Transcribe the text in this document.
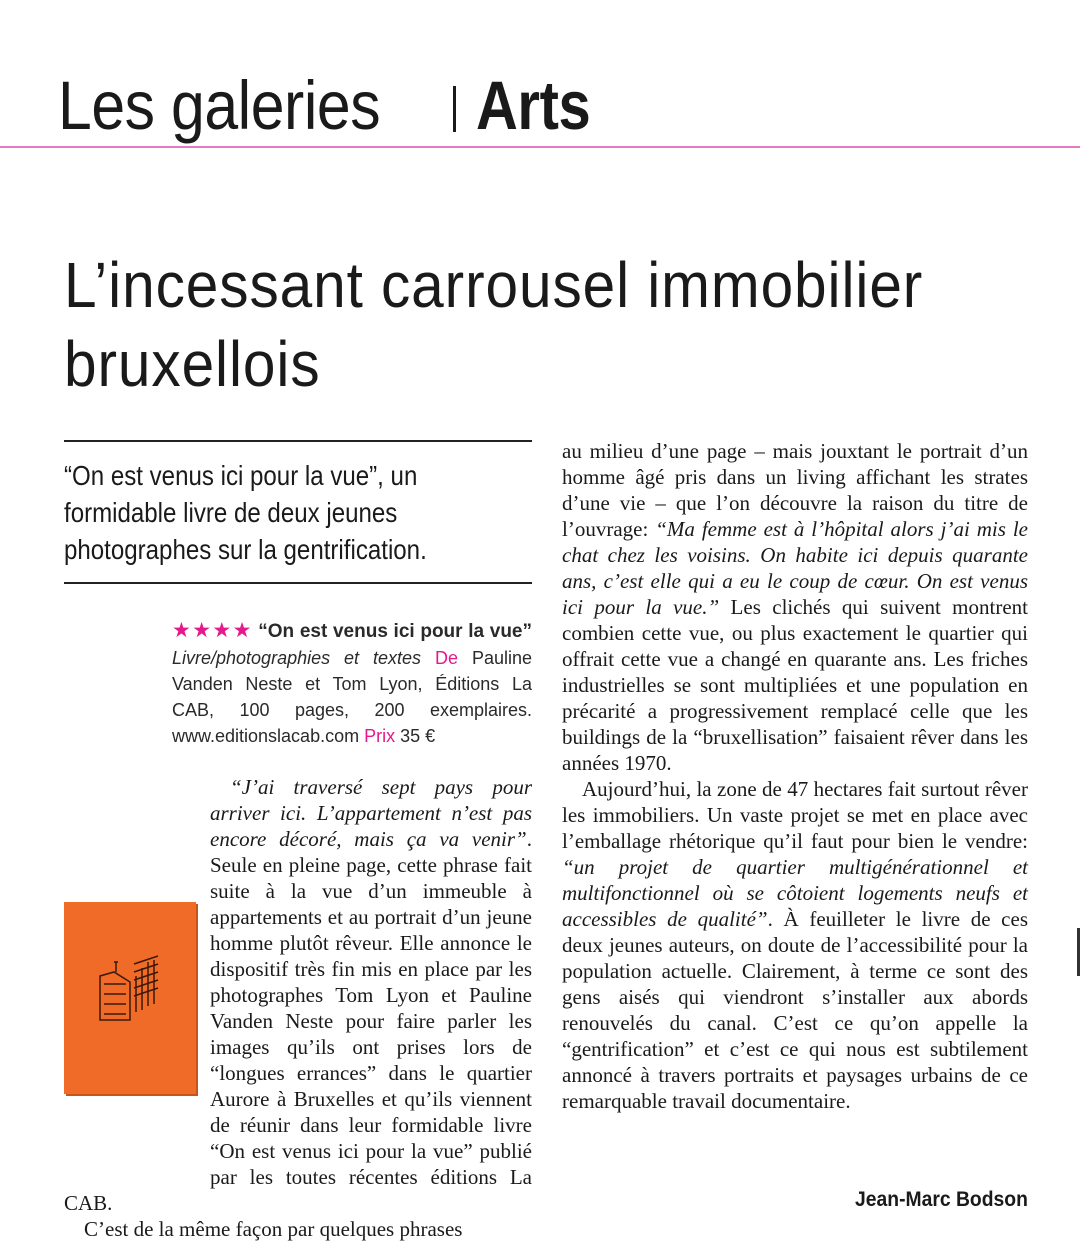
Les galeries Arts
L’incessant carrousel immobilier bruxellois
“On est venus ici pour la vue”, un formidable livre de deux jeunes photographes sur la gentrification.
★★★★ “On est venus ici pour la vue” Livre/photographies et textes De Pauline Vanden Neste et Tom Lyon, Éditions La CAB, 100 pages, 200 exemplaires. www.editionslacab.com Prix 35 €

“J’ai traversé sept pays pour arriver ici. L’appartement n’est pas encore décoré, mais ça va venir”. Seule en pleine page, cette phrase fait suite à la vue d’un immeuble à appartements et au portrait d’un jeune homme plutôt rêveur. Elle annonce le dispositif très fin mis en place par les photographes Tom Lyon et Pauline Vanden Neste pour faire parler les images qu’ils ont prises lors de “longues errances” dans le quartier Aurore à Bruxelles et qu’ils viennent de réunir dans leur formidable livre “On est venus ici pour la vue” publié par les toutes récentes éditions La CAB.

C’est de la même façon par quelques phrases

au milieu d’une page – mais jouxtant le portrait d’un homme âgé pris dans un living affichant les strates d’une vie – que l’on découvre la raison du titre de l’ouvrage: “Ma femme est à l’hôpital alors j’ai mis le chat chez les voisins. On habite ici depuis quarante ans, c’est elle qui a eu le coup de cœur. On est venus ici pour la vue.” Les clichés qui suivent montrent combien cette vue, ou plus exactement le quartier qui offrait cette vue a changé en quarante ans. Les friches industrielles se sont multipliées et une population en précarité a progressivement remplacé celle que les buildings de la “bruxellisation” faisaient rêver dans les années 1970.

Aujourd’hui, la zone de 47 hectares fait surtout rêver les immobiliers. Un vaste projet se met en place avec l’emballage rhétorique qu’il faut pour bien le vendre: “un projet de quartier multigénérationnel et multifonctionnel où se côtoient logements neufs et accessibles de qualité”. À feuilleter le livre de ces deux jeunes auteurs, on doute de l’accessibilité pour la population actuelle. Clairement, à terme ce sont des gens aisés qui viendront s’installer aux abords renouvelés du canal. C’est ce qu’on appelle la “gentrification” et c’est ce qui nous est subtilement annoncé à travers portraits et paysages urbains de ce remarquable travail documentaire.

Jean-Marc Bodson
